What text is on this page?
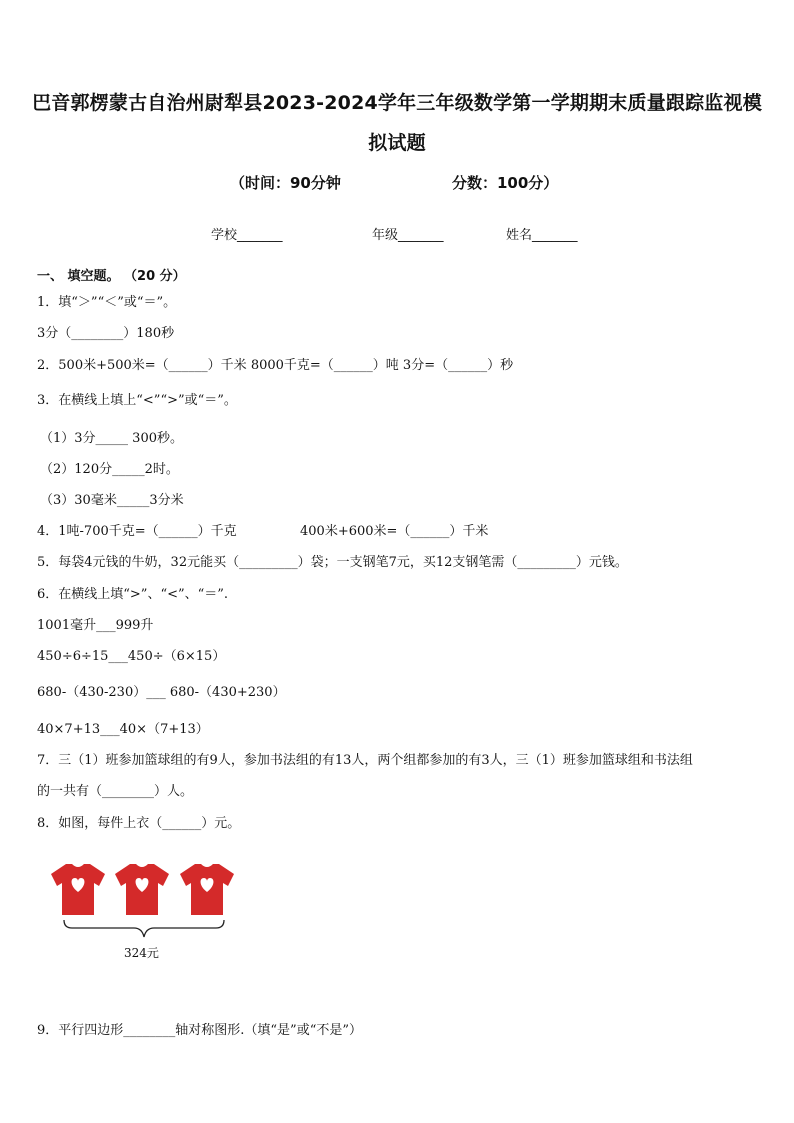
巴音郭楞蒙古自治州尉犁县2023-2024学年三年级数学第一学期期末质量跟踪监视模
拟试题
（时间：90分钟	分数：100分）
学校_______	年级_______	姓名_______
一、 填空题。 （20 分）
1．填“＞”“＜”或“＝”。
3分（________）180秒
2．500米+500米=（______）千米 8000千克=（______）吨 3分=（______）秒
3．在横线上填上“<”“>”或“＝”。
（1）3分_____ 300秒。
（2）120分_____2时。
（3）30毫米_____3分米
4．1吨-700千克=（______）千克	400米+600米=（______）千米
5．每袋4元钱的牛奶，32元能买（_________）袋；一支钢笔7元，买12支钢笔需（_________）元钱。
6．在横线上填“>”、“<”、“＝”.
1001毫升___999升
450÷6÷15___450÷（6×15）
680-（430-230）___ 680-（430+230）
40×7+13___40×（7+13）
7．三（1）班参加篮球组的有9人，参加书法组的有13人，两个组都参加的有3人，三（1）班参加篮球组和书法组
的一共有（________）人。
8．如图，每件上衣（______）元。
324元
9．平行四边形________轴对称图形.（填“是”或“不是”）
